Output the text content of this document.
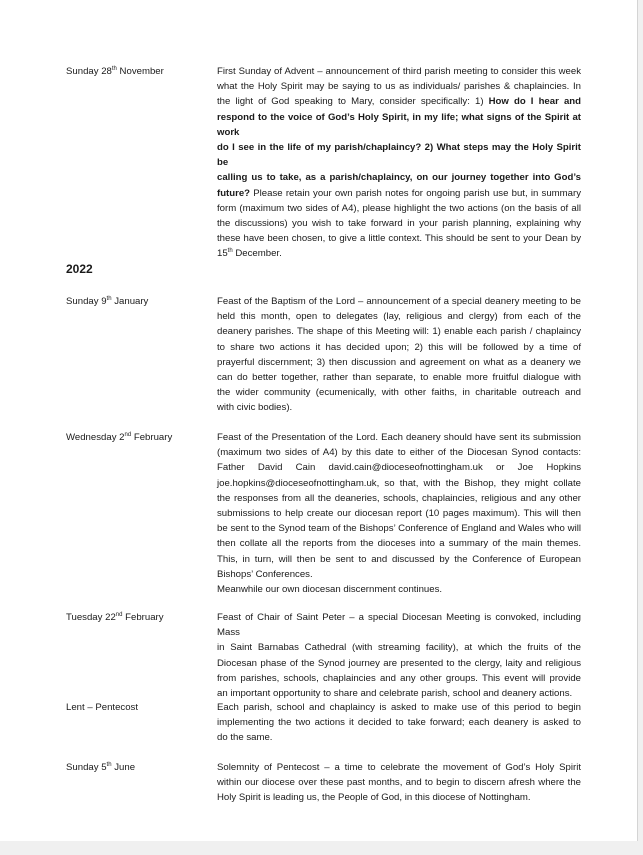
Sunday 28th November	First Sunday of Advent – announcement of third parish meeting to consider this week
what the Holy Spirit may be saying to us as individuals/ parishes & chaplaincies. In
the light of God speaking to Mary, consider specifically: 1) How do I hear and
respond to the voice of God’s Holy Spirit, in my life; what signs of the Spirit at work
do I see in the life of my parish/chaplaincy? 2) What steps may the Holy Spirit be
calling us to take, as a parish/chaplaincy, on our journey together into God’s
future? Please retain your own parish notes for ongoing parish use but, in summary
form (maximum two sides of A4), please highlight the two actions (on the basis of all
the discussions) you wish to take forward in your parish planning, explaining why
these have been chosen, to give a little context. This should be sent to your Dean by
15th December.
2022
Sunday 9th January	Feast of the Baptism of the Lord – announcement of a special deanery meeting to be
held this month, open to delegates (lay, religious and clergy) from each of the
deanery parishes. The shape of this Meeting will: 1) enable each parish / chaplaincy
to share two actions it has decided upon; 2) this will be followed by a time of
prayerful discernment; 3) then discussion and agreement on what as a deanery we
can do better together, rather than separate, to enable more fruitful dialogue with
the wider community (ecumenically, with other faiths, in charitable outreach and
with civic bodies).
Wednesday 2nd February	Feast of the Presentation of the Lord. Each deanery should have sent its submission
(maximum two sides of A4) by this date to either of the Diocesan Synod contacts:
Father David Cain david.cain@dioceseofnottingham.uk or Joe Hopkins
joe.hopkins@dioceseofnottingham.uk, so that, with the Bishop, they might collate
the responses from all the deaneries, schools, chaplaincies, religious and any other
submissions to help create our diocesan report (10 pages maximum). This will then
be sent to the Synod team of the Bishops’ Conference of England and Wales who will
then collate all the reports from the dioceses into a summary of the main themes.
This, in turn, will then be sent to and discussed by the Conference of European
Bishops’ Conferences.
Meanwhile our own diocesan discernment continues.
Tuesday 22nd February	Feast of Chair of Saint Peter – a special Diocesan Meeting is convoked, including Mass
in Saint Barnabas Cathedral (with streaming facility), at which the fruits of the
Diocesan phase of the Synod journey are presented to the clergy, laity and religious
from parishes, schools, chaplaincies and any other groups. This event will provide
an important opportunity to share and celebrate parish, school and deanery actions.
Lent – Pentecost	Each parish, school and chaplaincy is asked to make use of this period to begin
implementing the two actions it decided to take forward; each deanery is asked to
do the same.
Sunday 5th June	Solemnity of Pentecost – a time to celebrate the movement of God’s Holy Spirit
within our diocese over these past months, and to begin to discern afresh where the
Holy Spirit is leading us, the People of God, in this diocese of Nottingham.
